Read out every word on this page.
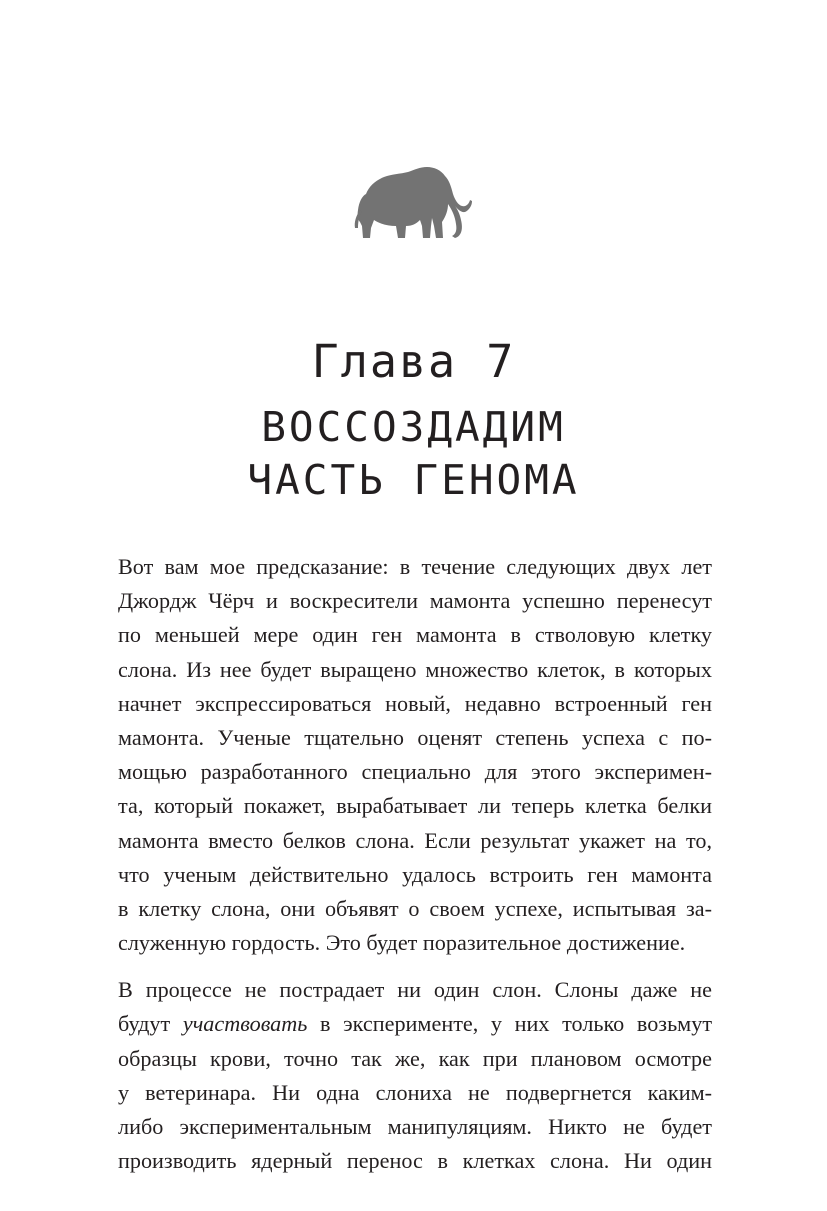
Глава 7
ВОССОЗДАДИМ
ЧАСТЬ ГЕНОМА
Вот вам мое предсказание: в течение следующих двух лет
Джордж Чёрч и воскресители мамонта успешно перенесут
по меньшей мере один ген мамонта в стволовую клетку
слона. Из нее будет выращено множество клеток, в которых
начнет экспрессироваться новый, недавно встроенный ген
мамонта. Ученые тщательно оценят степень успеха с по-
мощью разработанного специально для этого эксперимен-
та, который покажет, вырабатывает ли теперь клетка белки
мамонта вместо белков слона. Если результат укажет на то,
что ученым действительно удалось встроить ген мамонта
в клетку слона, они объявят о своем успехе, испытывая за-
служенную гордость. Это будет поразительное достижение.
В процессе не пострадает ни один слон. Слоны даже не
будут участвовать в эксперименте, у них только возьмут
образцы крови, точно так же, как при плановом осмотре
у ветеринара. Ни одна слониха не подвергнется каким-
либо экспериментальным манипуляциям. Никто не будет
производить ядерный перенос в клетках слона. Ни один
